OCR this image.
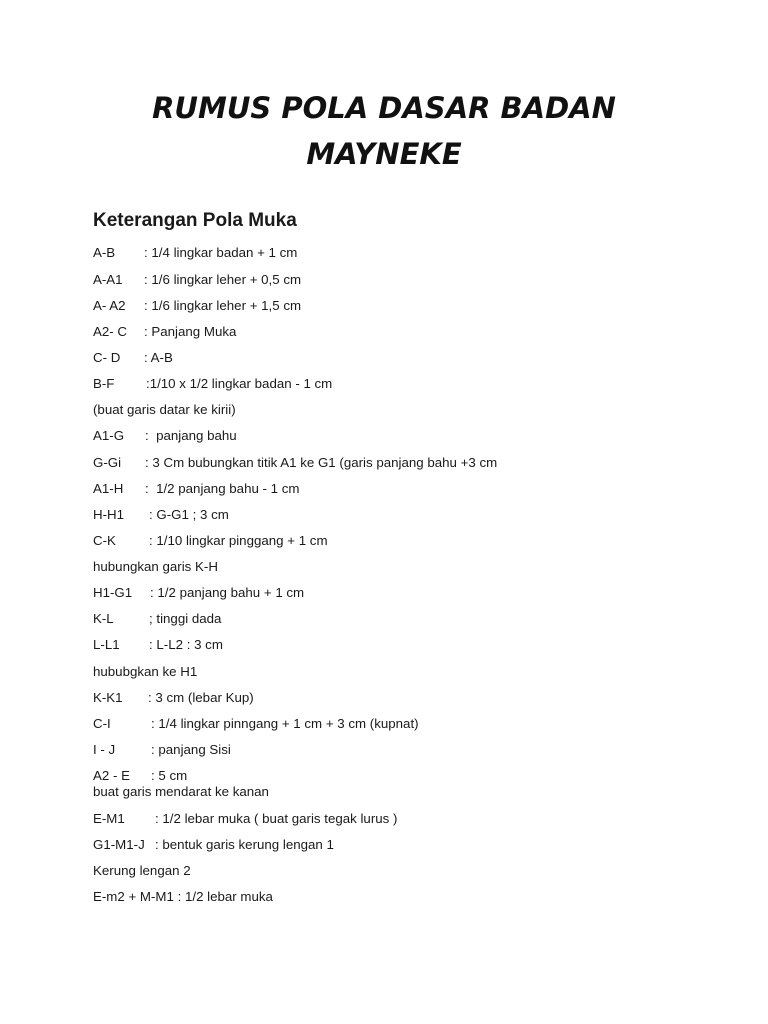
RUMUS POLA DASAR BADAN
MAYNEKE
Keterangan Pola Muka
A-B : 1/4 lingkar badan + 1 cm
A-A1 : 1/6 lingkar leher + 0,5 cm
A- A2 : 1/6 lingkar leher + 1,5 cm
A2- C : Panjang Muka
C- D : A-B
B-F :1/10 x 1/2 lingkar badan - 1 cm
(buat garis datar ke kirii)
A1-G :  panjang bahu
G-Gi : 3 Cm bubungkan titik A1 ke G1 (garis panjang bahu +3 cm
A1-H :  1/2 panjang bahu - 1 cm
H-H1 : G-G1 ; 3 cm
C-K : 1/10 lingkar pinggang + 1 cm
hubungkan garis K-H
H1-G1 : 1/2 panjang bahu + 1 cm
K-L	; tinggi dada
L-L1 : L-L2 : 3 cm
hububgkan ke H1
K-K1 : 3 cm (lebar Kup)
C-I	: 1/4 lingkar pinngang + 1 cm + 3 cm (kupnat)
I - J	: panjang Sisi
A2 - E : 5 cm
buat garis mendarat ke kanan
E-M1 : 1/2 lebar muka ( buat garis tegak lurus )
G1-M1-J : bentuk garis kerung lengan 1
Kerung lengan 2
E-m2 + M-M1 : 1/2 lebar muka
